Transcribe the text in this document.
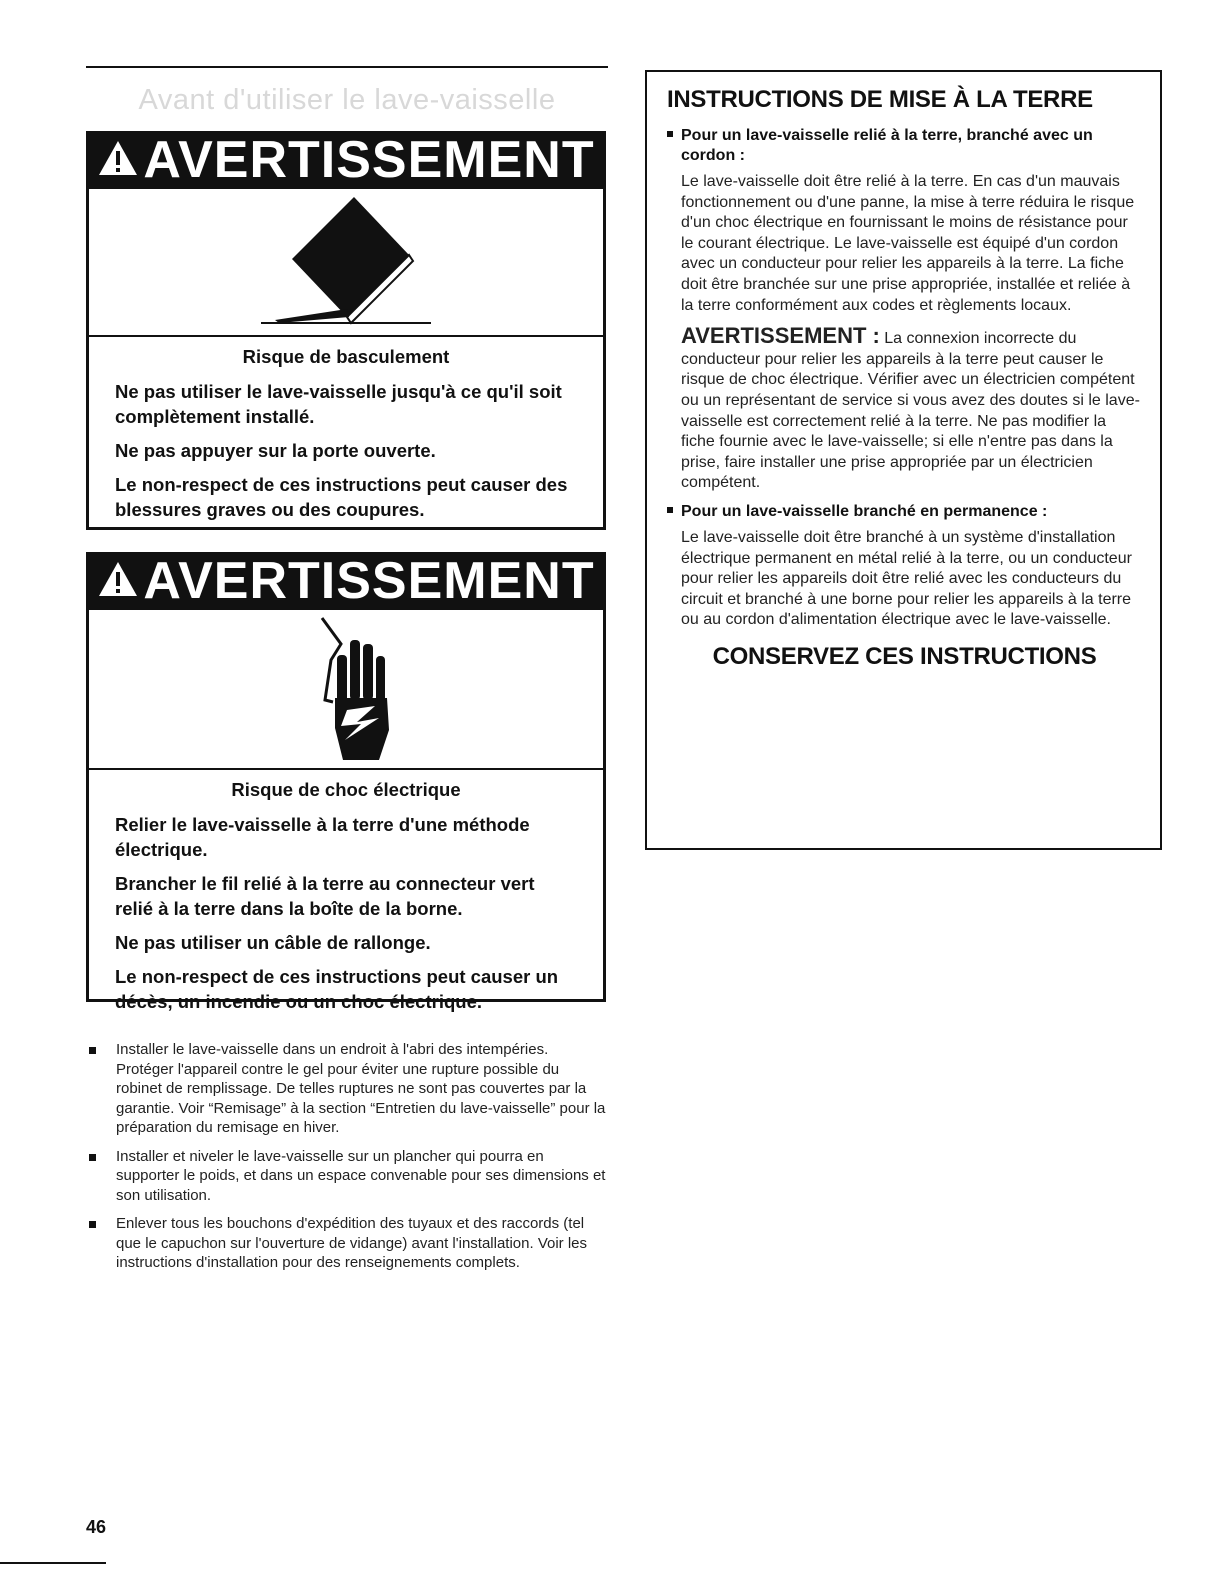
Avant d'utiliser le lave-vaisselle
AVERTISSEMENT

Risque de basculement

Ne pas utiliser le lave-vaisselle jusqu'à ce qu'il soit complètement installé.

Ne pas appuyer sur la porte ouverte.

Le non-respect de ces instructions peut causer des blessures graves ou des coupures.

AVERTISSEMENT

Risque de choc électrique

Relier le lave-vaisselle à la terre d'une méthode électrique.

Brancher le fil relié à la terre au connecteur vert relié à la terre dans la boîte de la borne.

Ne pas utiliser un câble de rallonge.

Le non-respect de ces instructions peut causer un décès, un incendie ou un choc électrique.

Installer le lave-vaisselle dans un endroit à l'abri des intempéries. Protéger l'appareil contre le gel pour éviter une rupture possible du robinet de remplissage. De telles ruptures ne sont pas couvertes par la garantie. Voir “Remisage” à la section “Entretien du lave-vaisselle” pour la préparation du remisage en hiver.
Installer et niveler le lave-vaisselle sur un plancher qui pourra en supporter le poids, et dans un espace convenable pour ses dimensions et son utilisation.
Enlever tous les bouchons d'expédition des tuyaux et des raccords (tel que le capuchon sur l'ouverture de vidange) avant l'installation. Voir les instructions d'installation pour des renseignements complets.
46
INSTRUCTIONS DE MISE À LA TERRE
Pour un lave-vaisselle relié à la terre, branché avec un cordon :
Le lave-vaisselle doit être relié à la terre. En cas d'un mauvais fonctionnement ou d'une panne, la mise à terre réduira le risque d'un choc électrique en fournissant le moins de résistance pour le courant électrique. Le lave-vaisselle est équipé d'un cordon avec un conducteur pour relier les appareils à la terre. La fiche doit être branchée sur une prise appropriée, installée et reliée à la terre conformément aux codes et règlements locaux.
AVERTISSEMENT : La connexion incorrecte du conducteur pour relier les appareils à la terre peut causer le risque de choc électrique. Vérifier avec un électricien compétent ou un représentant de service si vous avez des doutes si le lave-vaisselle est correctement relié à la terre. Ne pas modifier la fiche fournie avec le lave-vaisselle; si elle n'entre pas dans la prise, faire installer une prise appropriée par un électricien compétent.
Pour un lave-vaisselle branché en permanence :
Le lave-vaisselle doit être branché à un système d'installation électrique permanent en métal relié à la terre, ou un conducteur pour relier les appareils doit être relié avec les conducteurs du circuit et branché à une borne pour relier les appareils à la terre ou au cordon d'alimentation électrique avec le lave-vaisselle.
CONSERVEZ CES INSTRUCTIONS
